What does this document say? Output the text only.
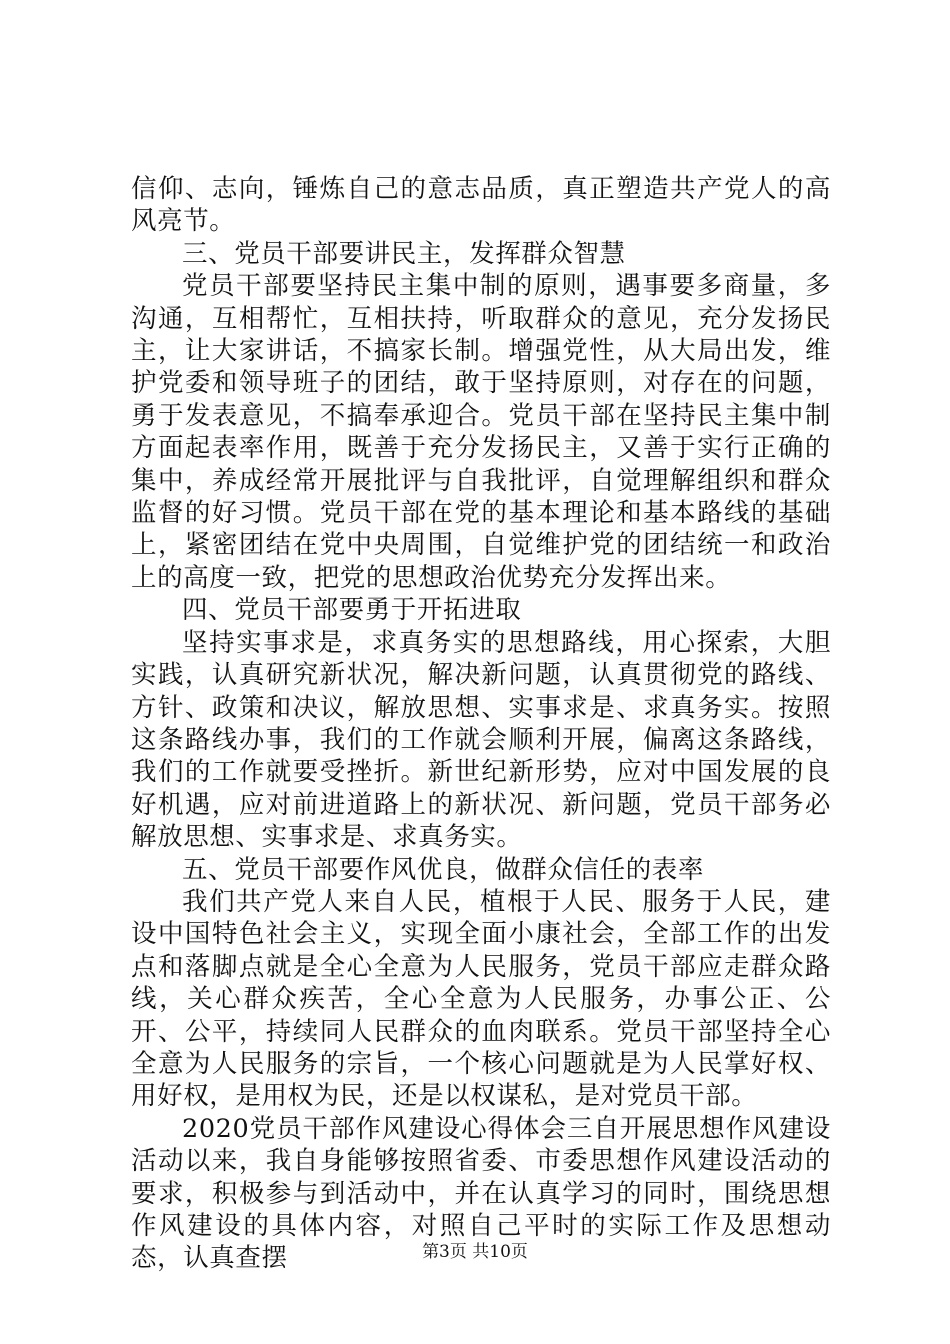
信仰、志向，锤炼自己的意志品质，真正塑造共产党人的高风亮节。

三、党员干部要讲民主，发挥群众智慧

党员干部要坚持民主集中制的原则，遇事要多商量，多沟通，互相帮忙，互相扶持，听取群众的意见，充分发扬民主，让大家讲话，不搞家长制。增强党性，从大局出发，维护党委和领导班子的团结，敢于坚持原则，对存在的问题，勇于发表意见，不搞奉承迎合。党员干部在坚持民主集中制方面起表率作用，既善于充分发扬民主，又善于实行正确的集中，养成经常开展批评与自我批评，自觉理解组织和群众监督的好习惯。党员干部在党的基本理论和基本路线的基础上，紧密团结在党中央周围，自觉维护党的团结统一和政治上的高度一致，把党的思想政治优势充分发挥出来。

四、党员干部要勇于开拓进取

坚持实事求是，求真务实的思想路线，用心探索，大胆实践，认真研究新状况，解决新问题，认真贯彻党的路线、方针、政策和决议，解放思想、实事求是、求真务实。按照这条路线办事，我们的工作就会顺利开展，偏离这条路线，我们的工作就要受挫折。新世纪新形势，应对中国发展的良好机遇，应对前进道路上的新状况、新问题，党员干部务必解放思想、实事求是、求真务实。

五、党员干部要作风优良，做群众信任的表率

我们共产党人来自人民，植根于人民、服务于人民，建设中国特色社会主义，实现全面小康社会，全部工作的出发点和落脚点就是全心全意为人民服务，党员干部应走群众路线，关心群众疾苦，全心全意为人民服务，办事公正、公开、公平，持续同人民群众的血肉联系。党员干部坚持全心全意为人民服务的宗旨，一个核心问题就是为人民掌好权、用好权，是用权为民，还是以权谋私，是对党员干部。

2020党员干部作风建设心得体会三自开展思想作风建设活动以来，我自身能够按照省委、市委思想作风建设活动的要求，积极参与到活动中，并在认真学习的同时，围绕思想作风建设的具体内容，对照自己平时的实际工作及思想动态，认真查摆	第3页 共10页
